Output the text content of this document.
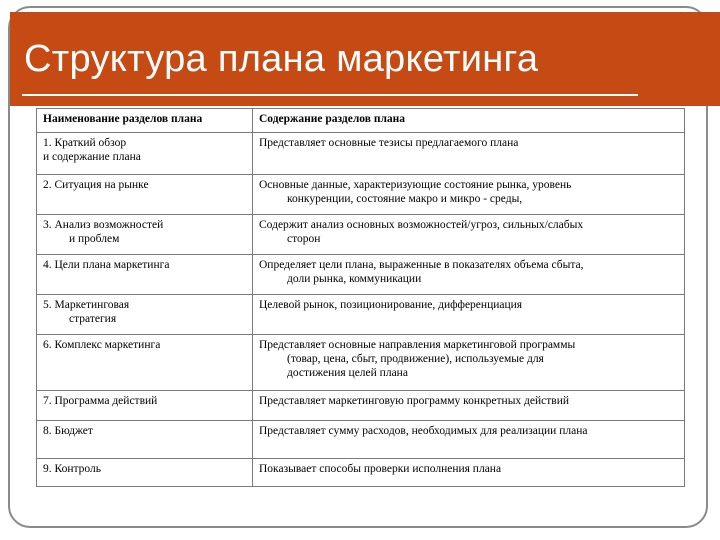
Структура плана маркетинга
Наименование разделов плана	Содержание разделов плана
1. Краткий обзор
и содержание плана	Представляет основные тезисы предлагаемого плана
2. Ситуация на рынке	Основные данные, характеризующие состояние рынка, уровень
конкуренции, состояние макро и микро - среды,

3. Анализ возможностей
и проблем	Содержит анализ основных возможностей/угроз, сильных/слабых
сторон

4. Цели плана маркетинга	Определяет цели плана, выраженные в показателях объема сбыта,
доли рынка, коммуникации

5. Маркетинговая
стратегия	Целевой рынок, позиционирование, дифференциация
6. Комплекс маркетинга	Представляет основные направления маркетинговой программы
(товар, цена, сбыт, продвижение), используемые для
достижения целей плана

7. Программа действий	Представляет маркетинговую программу конкретных действий
8. Бюджет	Представляет сумму расходов, необходимых для реализации плана
9. Контроль	Показывает способы проверки исполнения плана
